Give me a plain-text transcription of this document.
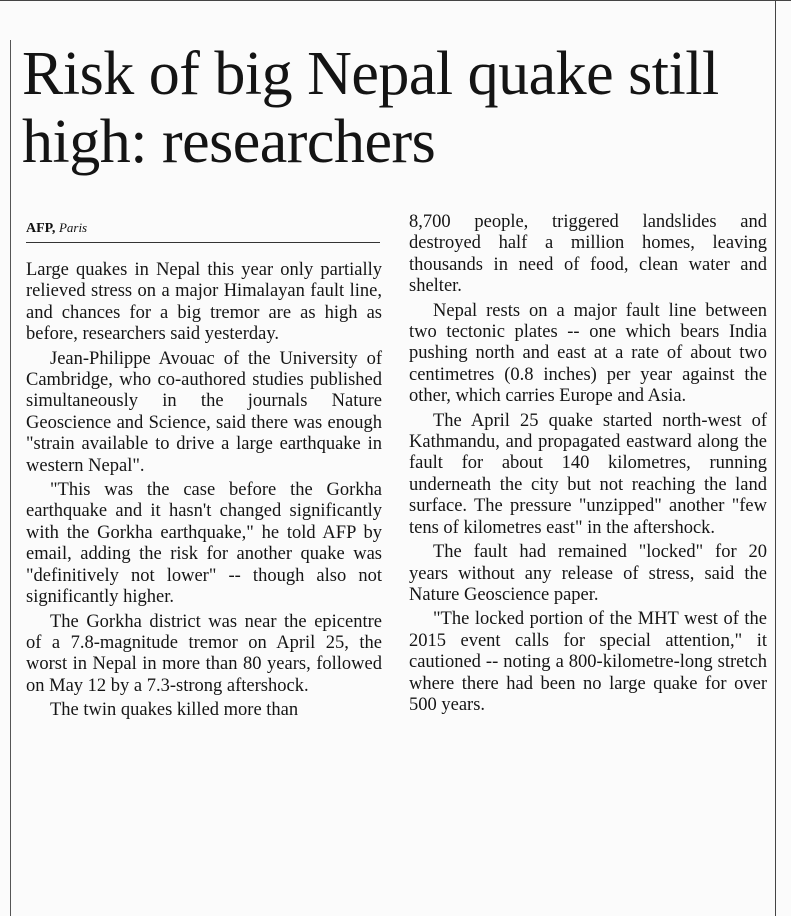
Risk of big Nepal quake still high: researchers
AFP, Paris

Large quakes in Nepal this year only partially relieved stress on a major Himalayan fault line, and chances for a big tremor are as high as before, researchers said yesterday.

Jean-Philippe Avouac of the University of Cambridge, who co-authored studies published simultaneously in the journals Nature Geoscience and Science, said there was enough "strain available to drive a large earthquake in western Nepal".

"This was the case before the Gorkha earthquake and it hasn't changed significantly with the Gorkha earthquake," he told AFP by email, adding the risk for another quake was "definitively not lower" -- though also not significantly higher.

The Gorkha district was near the epicentre of a 7.8-magnitude tremor on April 25, the worst in Nepal in more than 80 years, followed on May 12 by a 7.3-strong aftershock.

The twin quakes killed more than

8,700 people, triggered landslides and destroyed half a million homes, leaving thousands in need of food, clean water and shelter.

Nepal rests on a major fault line between two tectonic plates -- one which bears India pushing north and east at a rate of about two centimetres (0.8 inches) per year against the other, which carries Europe and Asia.

The April 25 quake started north-west of Kathmandu, and propagated eastward along the fault for about 140 kilometres, running underneath the city but not reaching the land surface. The pressure "unzipped" another "few tens of kilometres east" in the aftershock.

The fault had remained "locked" for 20 years without any release of stress, said the Nature Geoscience paper.

"The locked portion of the MHT west of the 2015 event calls for special attention," it cautioned -- noting a 800-kilometre-long stretch where there had been no large quake for over 500 years.
